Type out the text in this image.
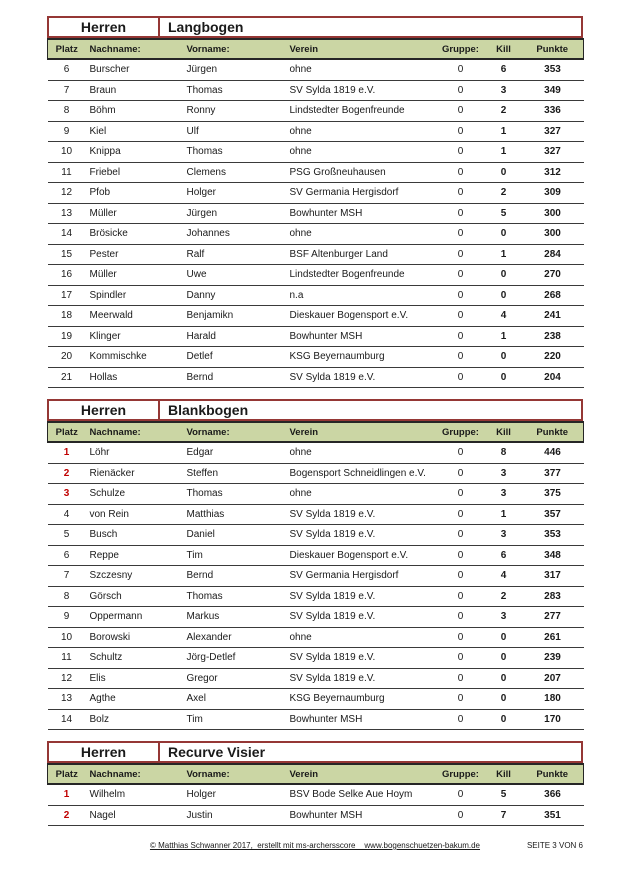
Herren	Langbogen
Platz	Nachname:	Vorname:	Verein	Gruppe:	Kill	Punkte
6	Burscher	Jürgen	ohne	0	6	353
7	Braun	Thomas	SV Sylda 1819 e.V.	0	3	349
8	Böhm	Ronny	Lindstedter Bogenfreunde	0	2	336
9	Kiel	Ulf	ohne	0	1	327
10	Knippa	Thomas	ohne	0	1	327
11	Friebel	Clemens	PSG Großneuhausen	0	0	312
12	Pfob	Holger	SV Germania Hergisdorf	0	2	309
13	Müller	Jürgen	Bowhunter MSH	0	5	300
14	Brösicke	Johannes	ohne	0	0	300
15	Pester	Ralf	BSF Altenburger Land	0	1	284
16	Müller	Uwe	Lindstedter Bogenfreunde	0	0	270
17	Spindler	Danny	n.a	0	0	268
18	Meerwald	Benjamikn	Dieskauer Bogensport e.V.	0	4	241
19	Klinger	Harald	Bowhunter MSH	0	1	238
20	Kommischke	Detlef	KSG Beyernaumburg	0	0	220
21	Hollas	Bernd	SV Sylda 1819 e.V.	0	0	204
Herren	Blankbogen
Platz	Nachname:	Vorname:	Verein	Gruppe:	Kill	Punkte
1	Löhr	Edgar	ohne	0	8	446
2	Rienäcker	Steffen	Bogensport Schneidlingen e.V.	0	3	377
3	Schulze	Thomas	ohne	0	3	375
4	von Rein	Matthias	SV Sylda 1819 e.V.	0	1	357
5	Busch	Daniel	SV Sylda 1819 e.V.	0	3	353
6	Reppe	Tim	Dieskauer Bogensport e.V.	0	6	348
7	Szczesny	Bernd	SV Germania Hergisdorf	0	4	317
8	Görsch	Thomas	SV Sylda 1819 e.V.	0	2	283
9	Oppermann	Markus	SV Sylda 1819 e.V.	0	3	277
10	Borowski	Alexander	ohne	0	0	261
11	Schultz	Jörg-Detlef	SV Sylda 1819 e.V.	0	0	239
12	Elis	Gregor	SV Sylda 1819 e.V.	0	0	207
13	Agthe	Axel	KSG Beyernaumburg	0	0	180
14	Bolz	Tim	Bowhunter MSH	0	0	170
Herren	Recurve Visier
Platz	Nachname:	Vorname:	Verein	Gruppe:	Kill	Punkte
1	Wilhelm	Holger	BSV Bode Selke Aue Hoym	0	5	366
2	Nagel	Justin	Bowhunter MSH	0	7	351
© Matthias Schwanner 2017,  erstellt mit ms-archersscore    www.bogenschuetzen-bakum.de	SEITE 3 VON 6
